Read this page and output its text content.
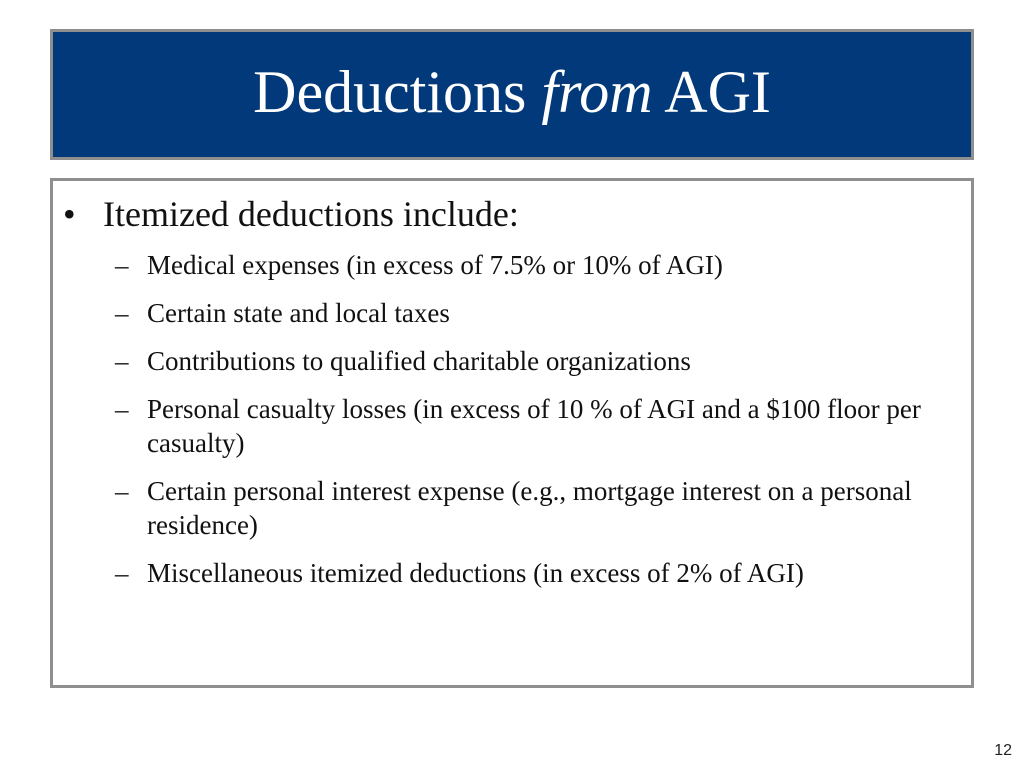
Deductions from AGI
• Itemized deductions include:
– Medical expenses (in excess of 7.5% or 10% of AGI)
– Certain state and local taxes
– Contributions to qualified charitable organizations
– Personal casualty losses (in excess of 10 % of AGI and a $100 floor per casualty)
– Certain personal interest expense (e.g., mortgage interest on a personal residence)
– Miscellaneous itemized deductions (in excess of 2% of AGI)
12
